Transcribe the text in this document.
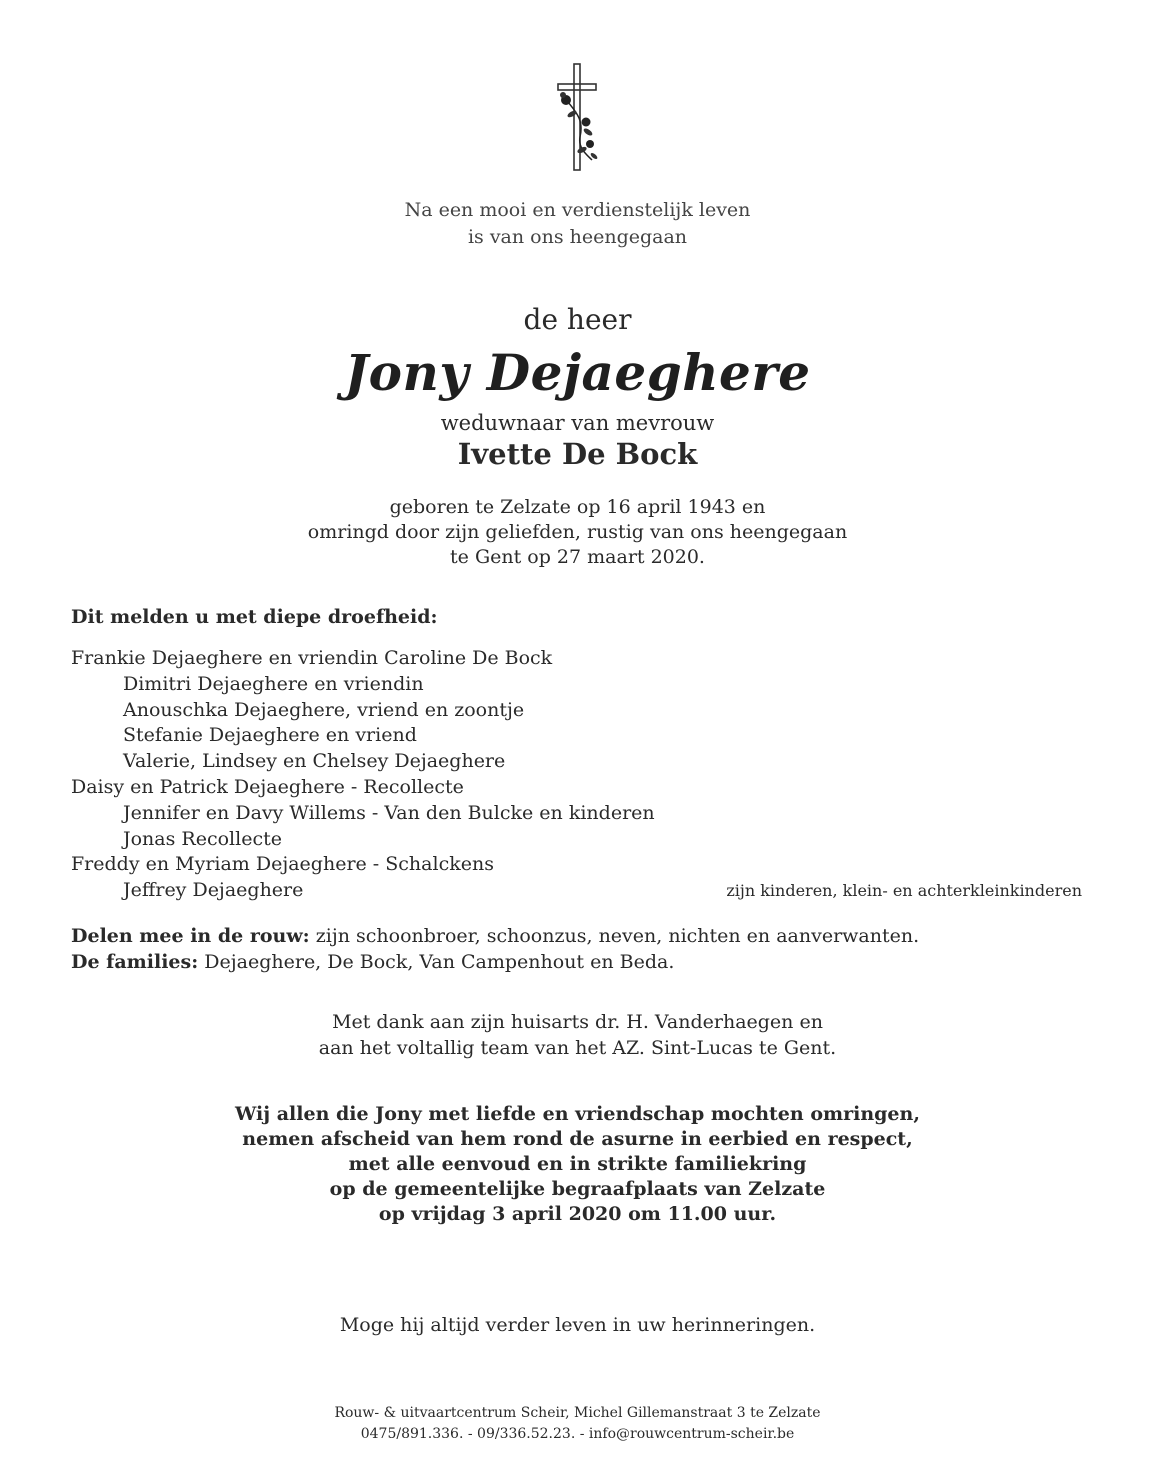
Na een mooi en verdienstelijk leven
is van ons heengegaan
de heer
Jony Dejaeghere
weduwnaar van mevrouw
Ivette De Bock
geboren te Zelzate op 16 april 1943 en
omringd door zijn geliefden, rustig van ons heengegaan
te Gent op 27 maart 2020.
Dit melden u met diepe droefheid:
Frankie Dejaeghere en vriendin Caroline De Bock
Dimitri Dejaeghere en vriendin
Anouschka Dejaeghere, vriend en zoontje
Stefanie Dejaeghere en vriend
Valerie, Lindsey en Chelsey Dejaeghere
Daisy en Patrick Dejaeghere - Recollecte
Jennifer en Davy Willems - Van den Bulcke en kinderen
Jonas Recollecte
Freddy en Myriam Dejaeghere - Schalckens
Jeffrey Dejaeghere	zijn kinderen, klein- en achterkleinkinderen
Delen mee in de rouw: zijn schoonbroer, schoonzus, neven, nichten en aanverwanten.
De families: Dejaeghere, De Bock, Van Campenhout en Beda.
Met dank aan zijn huisarts dr. H. Vanderhaegen en
aan het voltallig team van het AZ. Sint-Lucas te Gent.
Wij allen die Jony met liefde en vriendschap mochten omringen,
nemen afscheid van hem rond de asurne in eerbied en respect,
met alle eenvoud en in strikte familiekring
op de gemeentelijke begraafplaats van Zelzate
op vrijdag 3 april 2020 om 11.00 uur.
Moge hij altijd verder leven in uw herinneringen.
Rouw- & uitvaartcentrum Scheir, Michel Gillemanstraat 3 te Zelzate
0475/891.336. - 09/336.52.23. - info@rouwcentrum-scheir.be
